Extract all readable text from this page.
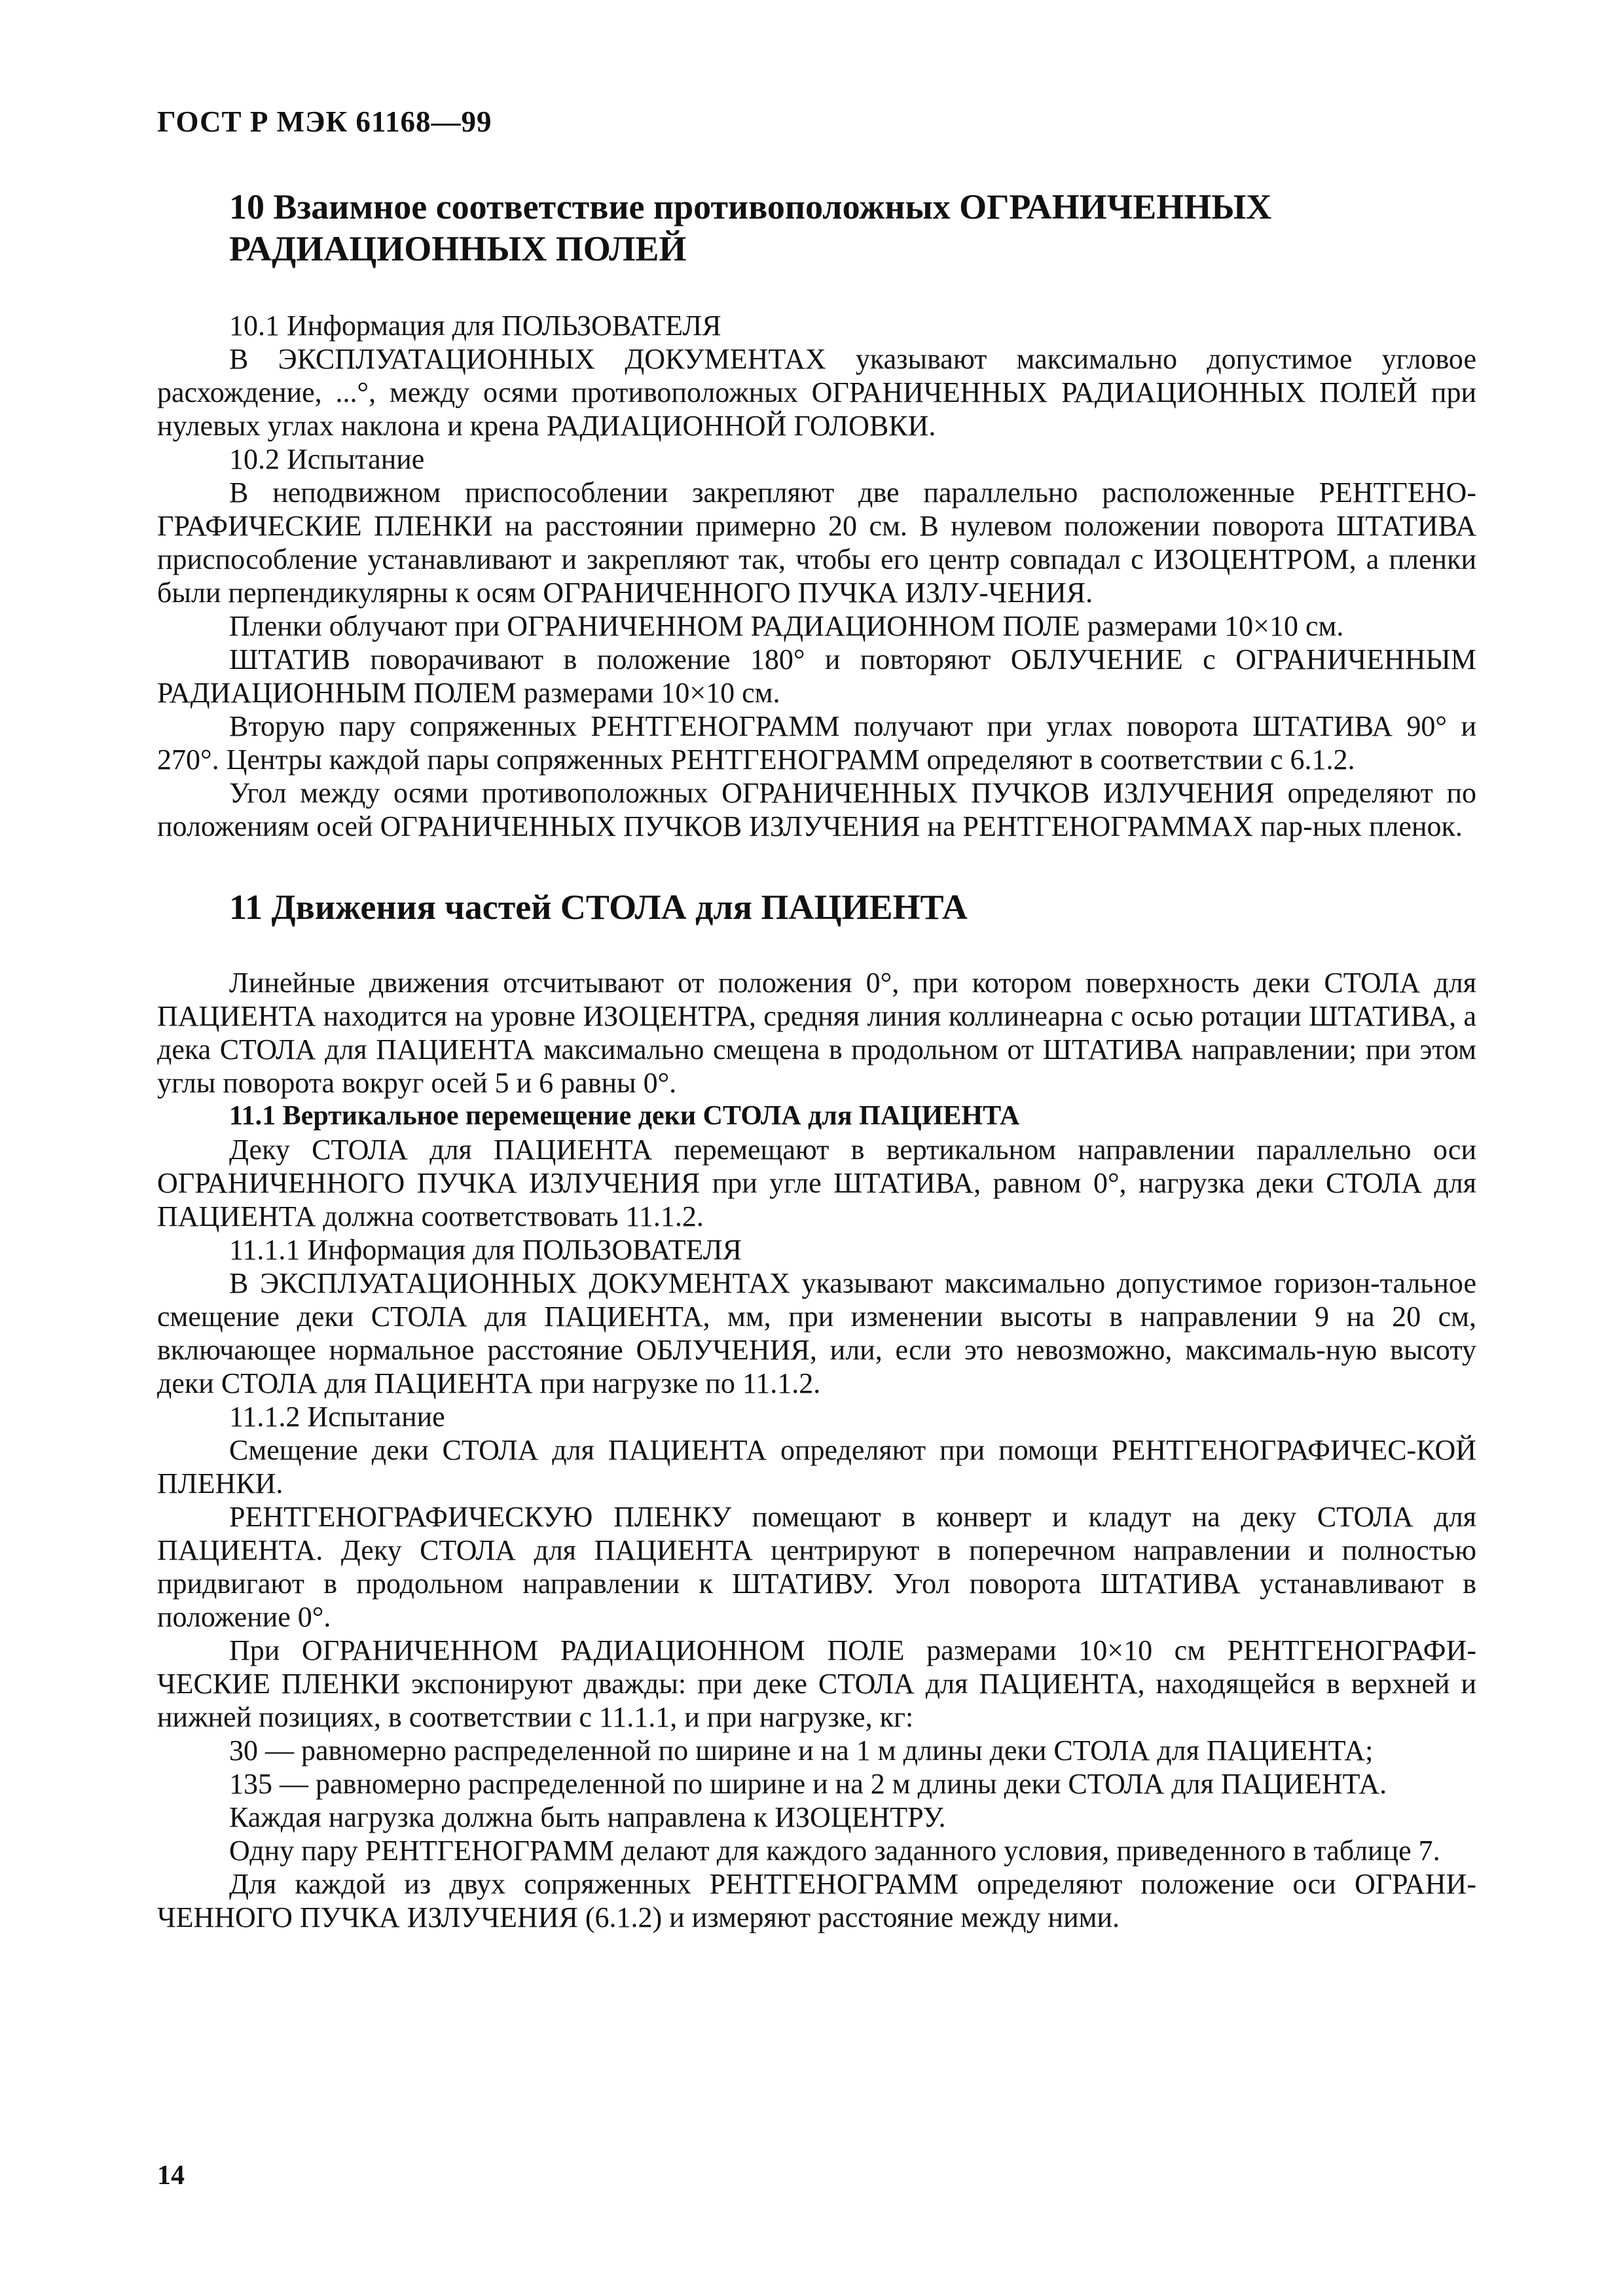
ГОСТ Р МЭК 61168—99
10 Взаимное соответствие противоположных ОГРАНИЧЕННЫХ РАДИАЦИОННЫХ ПОЛЕЙ

10.1 Информация для ПОЛЬЗОВАТЕЛЯ

В ЭКСПЛУАТАЦИОННЫХ ДОКУМЕНТАХ указывают максимально допустимое угловое расхождение, ...°, между осями противоположных ОГРАНИЧЕННЫХ РАДИАЦИОННЫХ ПОЛЕЙ при нулевых углах наклона и крена РАДИАЦИОННОЙ ГОЛОВКИ.

10.2 Испытание

В неподвижном приспособлении закрепляют две параллельно расположенные РЕНТГЕНО-ГРАФИЧЕСКИЕ ПЛЕНКИ на расстоянии примерно 20 см. В нулевом положении поворота ШТАТИВА приспособление устанавливают и закрепляют так, чтобы его центр совпадал с ИЗОЦЕНТРОМ, а пленки были перпендикулярны к осям ОГРАНИЧЕННОГО ПУЧКА ИЗЛУ-ЧЕНИЯ.

Пленки облучают при ОГРАНИЧЕННОМ РАДИАЦИОННОМ ПОЛЕ размерами 10×10 см.

ШТАТИВ поворачивают в положение 180° и повторяют ОБЛУЧЕНИЕ с ОГРАНИЧЕННЫМ РАДИАЦИОННЫМ ПОЛЕМ размерами 10×10 см.

Вторую пару сопряженных РЕНТГЕНОГРАММ получают при углах поворота ШТАТИВА 90° и 270°. Центры каждой пары сопряженных РЕНТГЕНОГРАММ определяют в соответствии с 6.1.2.

Угол между осями противоположных ОГРАНИЧЕННЫХ ПУЧКОВ ИЗЛУЧЕНИЯ определяют по положениям осей ОГРАНИЧЕННЫХ ПУЧКОВ ИЗЛУЧЕНИЯ на РЕНТГЕНОГРАММАХ пар-ных пленок.

11 Движения частей СТОЛА для ПАЦИЕНТА

Линейные движения отсчитывают от положения 0°, при котором поверхность деки СТОЛА для ПАЦИЕНТА находится на уровне ИЗОЦЕНТРА, средняя линия коллинеарна с осью ротации ШТАТИВА, а дека СТОЛА для ПАЦИЕНТА максимально смещена в продольном от ШТАТИВА направлении; при этом углы поворота вокруг осей 5 и 6 равны 0°.

11.1 Вертикальное перемещение деки СТОЛА для ПАЦИЕНТА

Деку СТОЛА для ПАЦИЕНТА перемещают в вертикальном направлении параллельно оси ОГРАНИЧЕННОГО ПУЧКА ИЗЛУЧЕНИЯ при угле ШТАТИВА, равном 0°, нагрузка деки СТОЛА для ПАЦИЕНТА должна соответствовать 11.1.2.

11.1.1 Информация для ПОЛЬЗОВАТЕЛЯ

В ЭКСПЛУАТАЦИОННЫХ ДОКУМЕНТАХ указывают максимально допустимое горизон-тальное смещение деки СТОЛА для ПАЦИЕНТА, мм, при изменении высоты в направлении 9 на 20 см, включающее нормальное расстояние ОБЛУЧЕНИЯ, или, если это невозможно, максималь-ную высоту деки СТОЛА для ПАЦИЕНТА при нагрузке по 11.1.2.

11.1.2 Испытание

Смещение деки СТОЛА для ПАЦИЕНТА определяют при помощи РЕНТГЕНОГРАФИЧЕС-КОЙ ПЛЕНКИ.

РЕНТГЕНОГРАФИЧЕСКУЮ ПЛЕНКУ помещают в конверт и кладут на деку СТОЛА для ПАЦИЕНТА. Деку СТОЛА для ПАЦИЕНТА центрируют в поперечном направлении и полностью придвигают в продольном направлении к ШТАТИВУ. Угол поворота ШТАТИВА устанавливают в положение 0°.

При ОГРАНИЧЕННОМ РАДИАЦИОННОМ ПОЛЕ размерами 10×10 см РЕНТГЕНОГРАФИ-ЧЕСКИЕ ПЛЕНКИ экспонируют дважды: при деке СТОЛА для ПАЦИЕНТА, находящейся в верхней и нижней позициях, в соответствии с 11.1.1, и при нагрузке, кг:

30 — равномерно распределенной по ширине и на 1 м длины деки СТОЛА для ПАЦИЕНТА;

135 — равномерно распределенной по ширине и на 2 м длины деки СТОЛА для ПАЦИЕНТА.

Каждая нагрузка должна быть направлена к ИЗОЦЕНТРУ.

Одну пару РЕНТГЕНОГРАММ делают для каждого заданного условия, приведенного в таблице 7.

Для каждой из двух сопряженных РЕНТГЕНОГРАММ определяют положение оси ОГРАНИ-ЧЕННОГО ПУЧКА ИЗЛУЧЕНИЯ (6.1.2) и измеряют расстояние между ними.

14
